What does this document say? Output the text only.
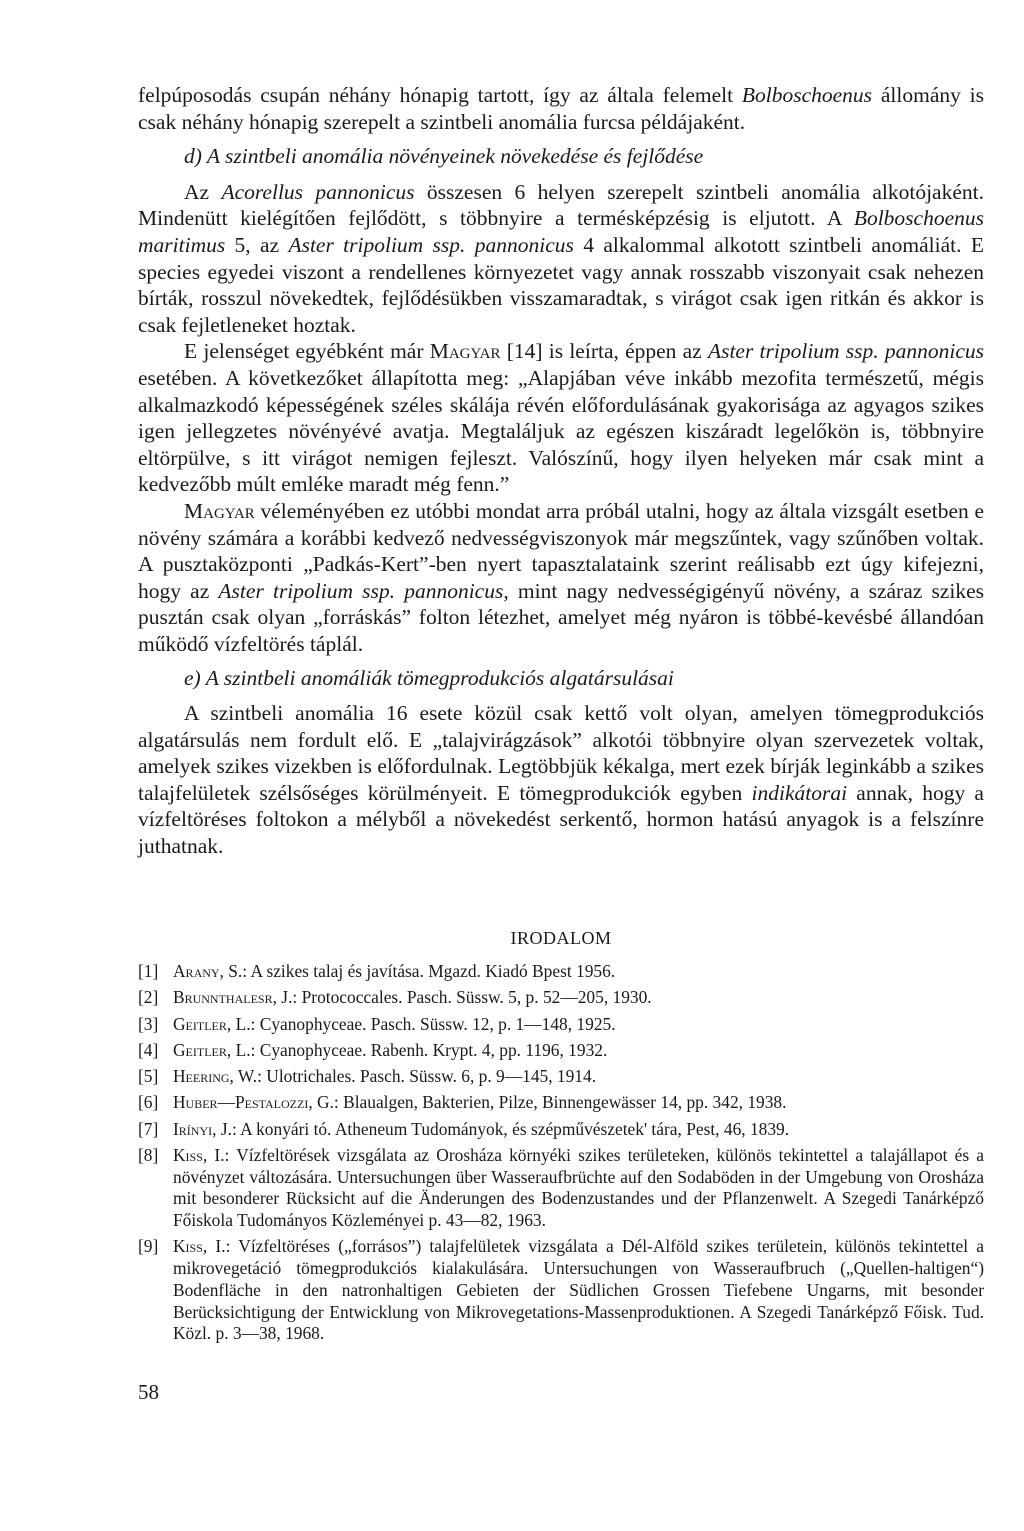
felpúposodás csupán néhány hónapig tartott, így az általa felemelt Bolboschoenus állomány is csak néhány hónapig szerepelt a szintbeli anomália furcsa példájaként.

d) A szintbeli anomália növényeinek növekedése és fejlődése

Az Acorellus pannonicus összesen 6 helyen szerepelt szintbeli anomália alkotójaként. Mindenütt kielégítően fejlődött, s többnyire a termésképzésig is eljutott. A Bolboschoenus maritimus 5, az Aster tripolium ssp. pannonicus 4 alkalommal alkotott szintbeli anomáliát. E species egyedei viszont a rendellenes környezetet vagy annak rosszabb viszonyait csak nehezen bírták, rosszul növekedtek, fejlődésükben visszamaradtak, s virágot csak igen ritkán és akkor is csak fejletleneket hoztak.

E jelenséget egyébként már Magyar [14] is leírta, éppen az Aster tripolium ssp. pannonicus esetében. A következőket állapította meg: „Alapjában véve inkább mezofita természetű, mégis alkalmazkodó képességének széles skálája révén előfordulásának gyakorisága az agyagos szikes igen jellegzetes növényévé avatja. Megtaláljuk az egészen kiszáradt legelőkön is, többnyire eltörpülve, s itt virágot nemigen fejleszt. Valószínű, hogy ilyen helyeken már csak mint a kedvezőbb múlt emléke maradt még fenn.”

Magyar véleményében ez utóbbi mondat arra próbál utalni, hogy az általa vizsgált esetben e növény számára a korábbi kedvező nedvességviszonyok már megszűntek, vagy szűnőben voltak. A pusztaközponti „Padkás-Kert”-ben nyert tapasztalataink szerint reálisabb ezt úgy kifejezni, hogy az Aster tripolium ssp. pannonicus, mint nagy nedvességigényű növény, a száraz szikes pusztán csak olyan „forráskás” folton létezhet, amelyet még nyáron is többé-kevésbé állandóan működő vízfeltörés táplál.

e) A szintbeli anomáliák tömegprodukciós algatársulásai

A szintbeli anomália 16 esete közül csak kettő volt olyan, amelyen tömegprodukciós algatársulás nem fordult elő. E „talajvirágzások” alkotói többnyire olyan szervezetek voltak, amelyek szikes vizekben is előfordulnak. Legtöbbjük kékalga, mert ezek bírják leginkább a szikes talajfelületek szélsőséges körülményeit. E tömegprodukciók egyben indikátorai annak, hogy a vízfeltöréses foltokon a mélyből a növekedést serkentő, hormon hatású anyagok is a felszínre juthatnak.

IRODALOM

[1] Arany, S.: A szikes talaj és javítása. Mgazd. Kiadó Bpest 1956.
[2] Brunnthalesr, J.: Protococcales. Pasch. Süssw. 5, p. 52—205, 1930.
[3] Geitler, L.: Cyanophyceae. Pasch. Süssw. 12, p. 1—148, 1925.
[4] Geitler, L.: Cyanophyceae. Rabenh. Krypt. 4, pp. 1196, 1932.
[5] Heering, W.: Ulotrichales. Pasch. Süssw. 6, p. 9—145, 1914.
[6] Huber—Pestalozzi, G.: Blaualgen, Bakterien, Pilze, Binnengewässer 14, pp. 342, 1938.
[7] Irínyi, J.: A konyári tó. Atheneum Tudományok, és szépművészetek' tára, Pest, 46, 1839.
[8] Kiss, I.: Vízfeltörések vizsgálata az Orosháza környéki szikes területeken, különös tekintettel a talajállapot és a növényzet változására. Untersuchungen über Wasseraufbrüchte auf den Sodaböden in der Umgebung von Orosháza mit besonderer Rücksicht auf die Änderungen des Bodenzustandes und der Pflanzenwelt. A Szegedi Tanárképző Főiskola Tudományos Közleményei p. 43—82, 1963.
[9] Kiss, I.: Vízfeltöréses („forrásos”) talajfelületek vizsgálata a Dél-Alföld szikes területein, különös tekintettel a mikrovegetáció tömegprodukciós kialakulására. Untersuchungen von Wasseraufbruch („Quellen-haltigen“) Bodenfläche in den natronhaltigen Gebieten der Südlichen Grossen Tiefebene Ungarns, mit besonder Berücksichtigung der Entwicklung von Mikrovegetations-Massenproduktionen. A Szegedi Tanárképző Főisk. Tud. Közl. p. 3—38, 1968.
58
